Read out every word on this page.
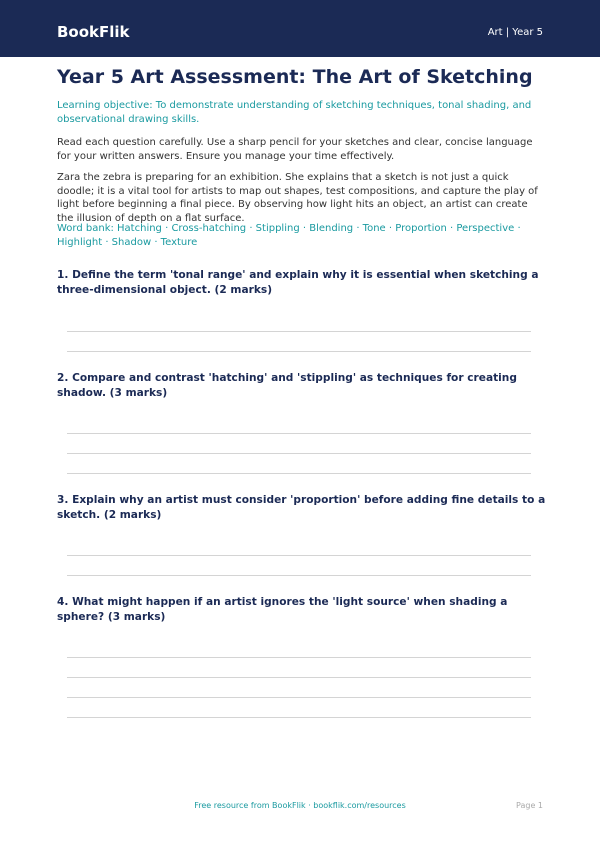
BookFlik	Art | Year 5
Year 5 Art Assessment: The Art of Sketching

Learning objective: To demonstrate understanding of sketching techniques, tonal shading, and observational drawing skills.

Read each question carefully. Use a sharp pencil for your sketches and clear, concise language for your written answers. Ensure you manage your time effectively.

Zara the zebra is preparing for an exhibition. She explains that a sketch is not just a quick doodle; it is a vital tool for artists to map out shapes, test compositions, and capture the play of light before beginning a final piece. By observing how light hits an object, an artist can create the illusion of depth on a flat surface.

Word bank: Hatching · Cross-hatching · Stippling · Blending · Tone · Proportion · Perspective · Highlight · Shadow · Texture

1. Define the term 'tonal range' and explain why it is essential when sketching a three-dimensional object. (2 marks)

2. Compare and contrast 'hatching' and 'stippling' as techniques for creating shadow. (3 marks)

3. Explain why an artist must consider 'proportion' before adding fine details to a sketch. (2 marks)

4. What might happen if an artist ignores the 'light source' when shading a sphere? (3 marks)

Free resource from BookFlik · bookflik.com/resources	Page 1
